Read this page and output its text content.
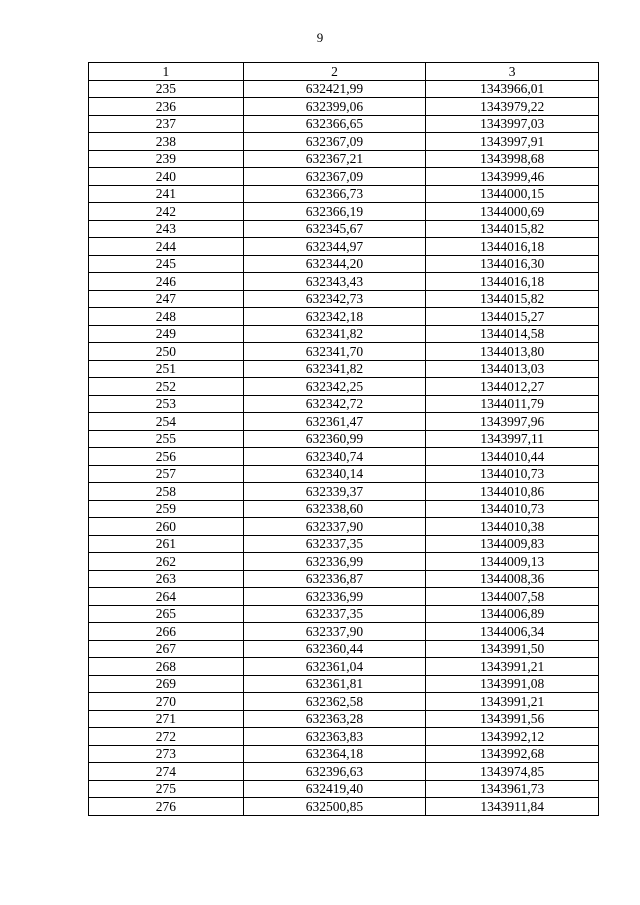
9
1	2	3
235	632421,99	1343966,01
236	632399,06	1343979,22
237	632366,65	1343997,03
238	632367,09	1343997,91
239	632367,21	1343998,68
240	632367,09	1343999,46
241	632366,73	1344000,15
242	632366,19	1344000,69
243	632345,67	1344015,82
244	632344,97	1344016,18
245	632344,20	1344016,30
246	632343,43	1344016,18
247	632342,73	1344015,82
248	632342,18	1344015,27
249	632341,82	1344014,58
250	632341,70	1344013,80
251	632341,82	1344013,03
252	632342,25	1344012,27
253	632342,72	1344011,79
254	632361,47	1343997,96
255	632360,99	1343997,11
256	632340,74	1344010,44
257	632340,14	1344010,73
258	632339,37	1344010,86
259	632338,60	1344010,73
260	632337,90	1344010,38
261	632337,35	1344009,83
262	632336,99	1344009,13
263	632336,87	1344008,36
264	632336,99	1344007,58
265	632337,35	1344006,89
266	632337,90	1344006,34
267	632360,44	1343991,50
268	632361,04	1343991,21
269	632361,81	1343991,08
270	632362,58	1343991,21
271	632363,28	1343991,56
272	632363,83	1343992,12
273	632364,18	1343992,68
274	632396,63	1343974,85
275	632419,40	1343961,73
276	632500,85	1343911,84
